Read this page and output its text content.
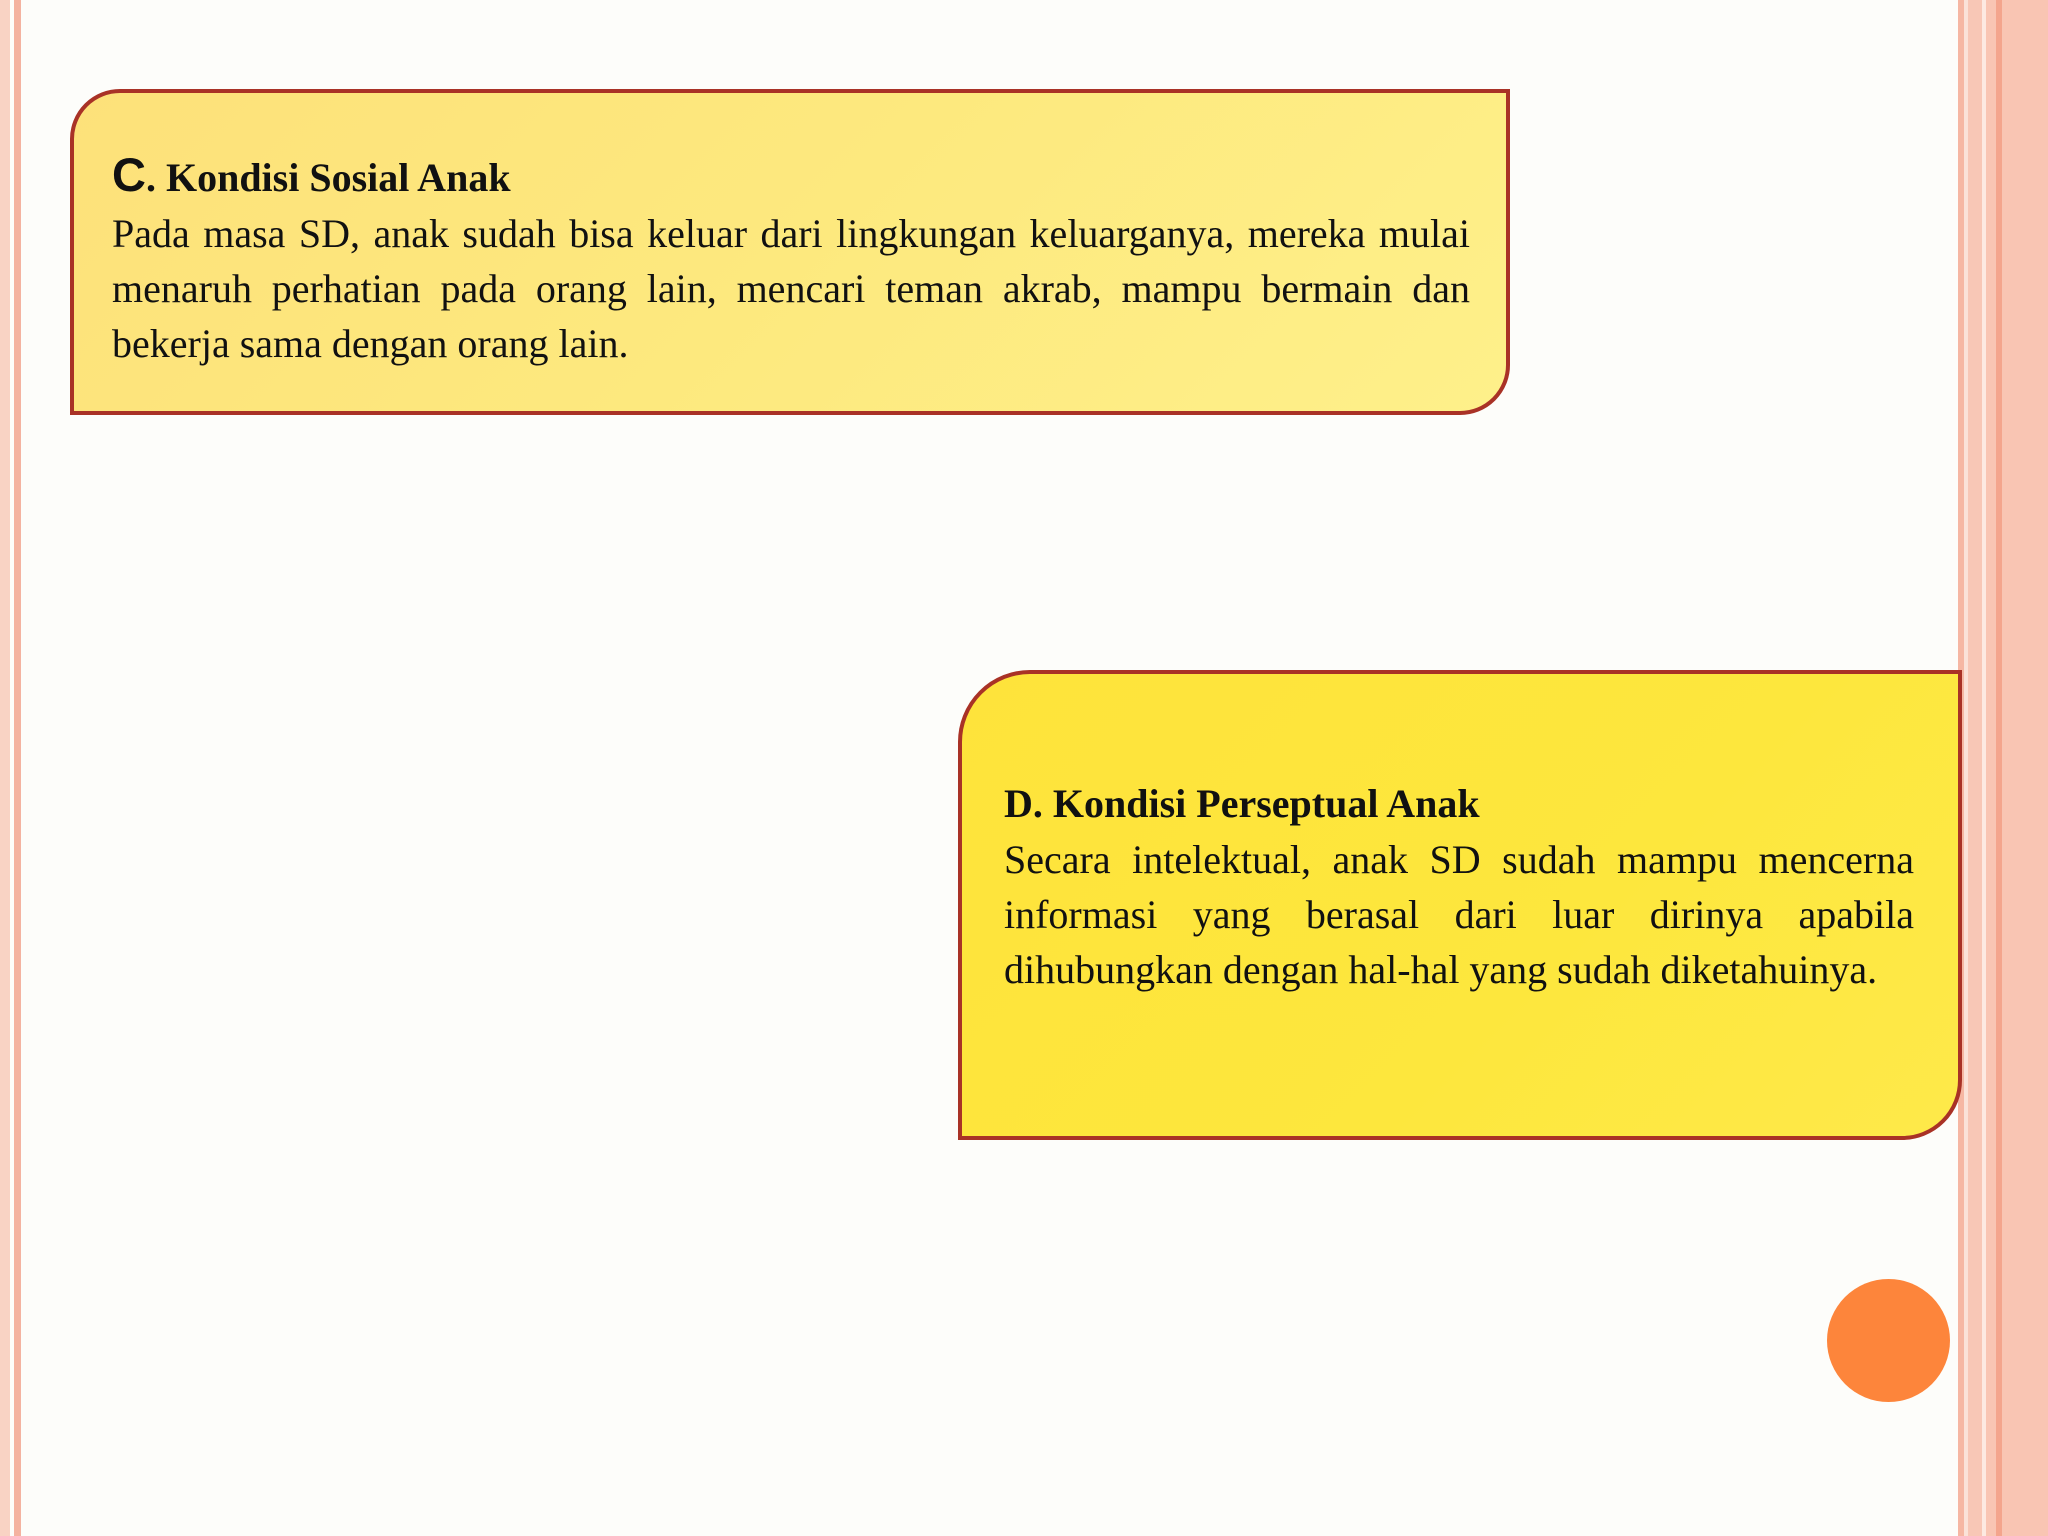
C. Kondisi Sosial Anak

Pada masa SD, anak sudah bisa keluar dari lingkungan keluarganya, mereka mulai menaruh perhatian pada orang lain, mencari teman akrab, mampu bermain dan bekerja sama dengan orang lain.

D. Kondisi Perseptual Anak

Secara intelektual, anak SD sudah mampu mencerna informasi yang berasal dari luar dirinya apabila dihubungkan dengan hal-hal yang sudah diketahuinya.
